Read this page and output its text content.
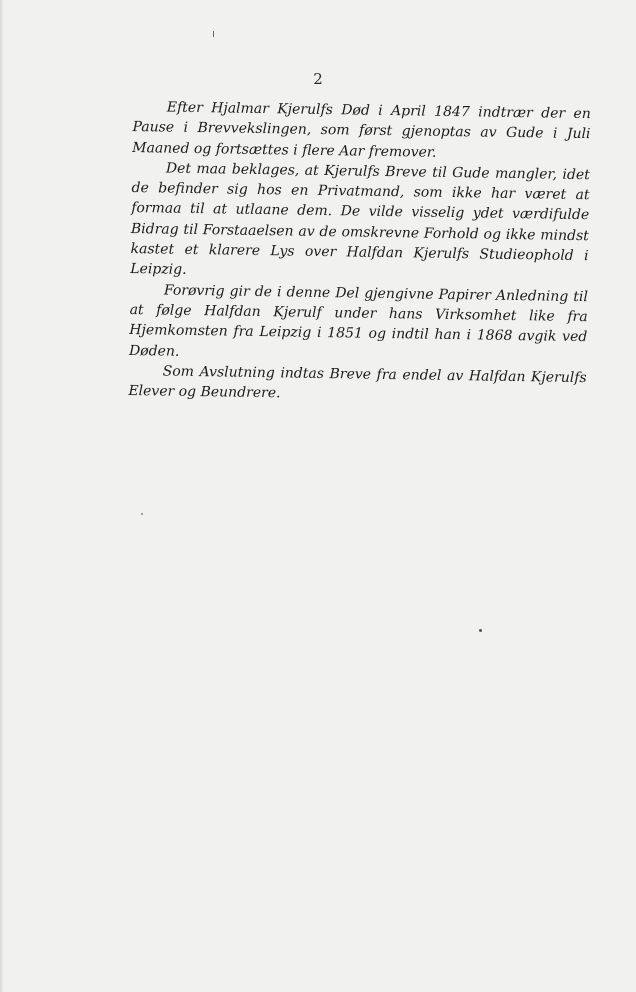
2

Efter Hjalmar Kjerulfs Død i April 1847 indtrær der en Pause i Brevvekslingen, som først gjenoptas av Gude i Juli Maaned og fortsættes i flere Aar fremover.

Det maa beklages, at Kjerulfs Breve til Gude mangler, idet de befinder sig hos en Privatmand, som ikke har været at formaa til at utlaane dem. De vilde visselig ydet værdifulde Bidrag til Forstaaelsen av de omskrevne Forhold og ikke mindst kastet et klarere Lys over Halfdan Kjerulfs Studieophold i Leipzig.

Forøvrig gir de i denne Del gjengivne Papirer Anledning til at følge Halfdan Kjerulf under hans Virksomhet like fra Hjemkomsten fra Leipzig i 1851 og indtil han i 1868 avgik ved Døden.

Som Avslutning indtas Breve fra endel av Halfdan Kjerulfs Elever og Beundrere.
